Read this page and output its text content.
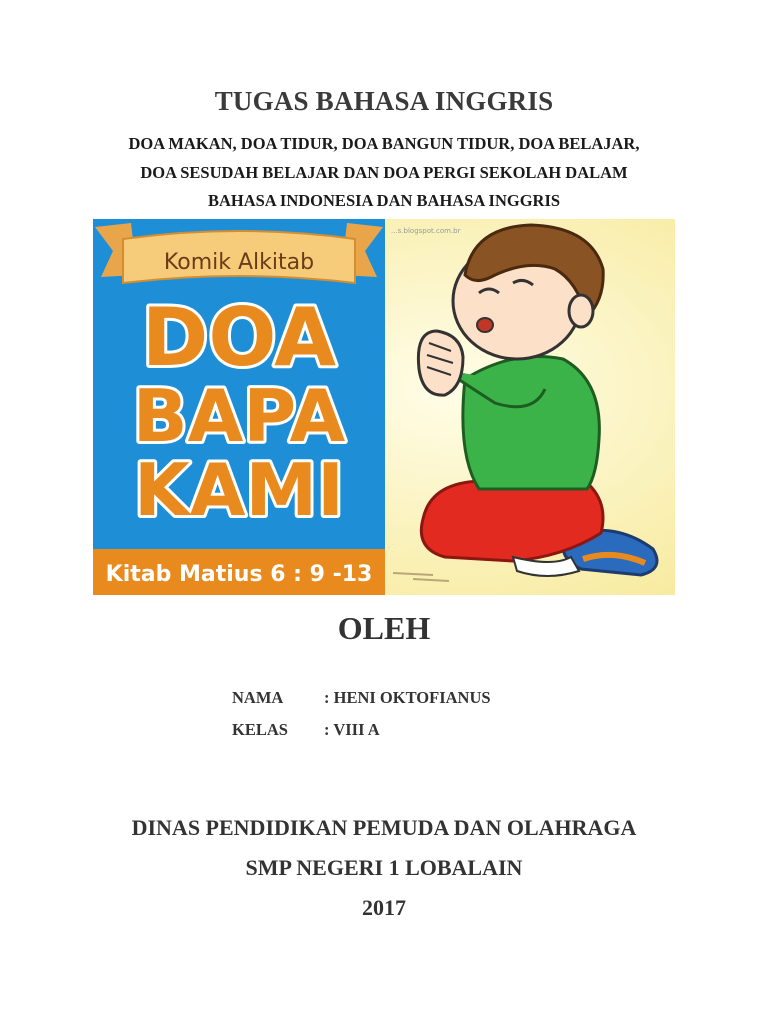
TUGAS BAHASA INGGRIS
DOA MAKAN, DOA TIDUR, DOA BANGUN TIDUR, DOA BELAJAR,
DOA SESUDAH BELAJAR DAN DOA PERGI SEKOLAH DALAM
BAHASA INDONESIA DAN BAHASA INGGRIS
Komik Alkitab
DOA
BAPA
KAMI
Kitab Matius 6 : 9 -13
...s.blogspot.com.br
OLEH
NAMA : HENI OKTOFIANUS
KELAS : VIII A
DINAS PENDIDIKAN PEMUDA DAN OLAHRAGA
SMP NEGERI 1 LOBALAIN
2017
